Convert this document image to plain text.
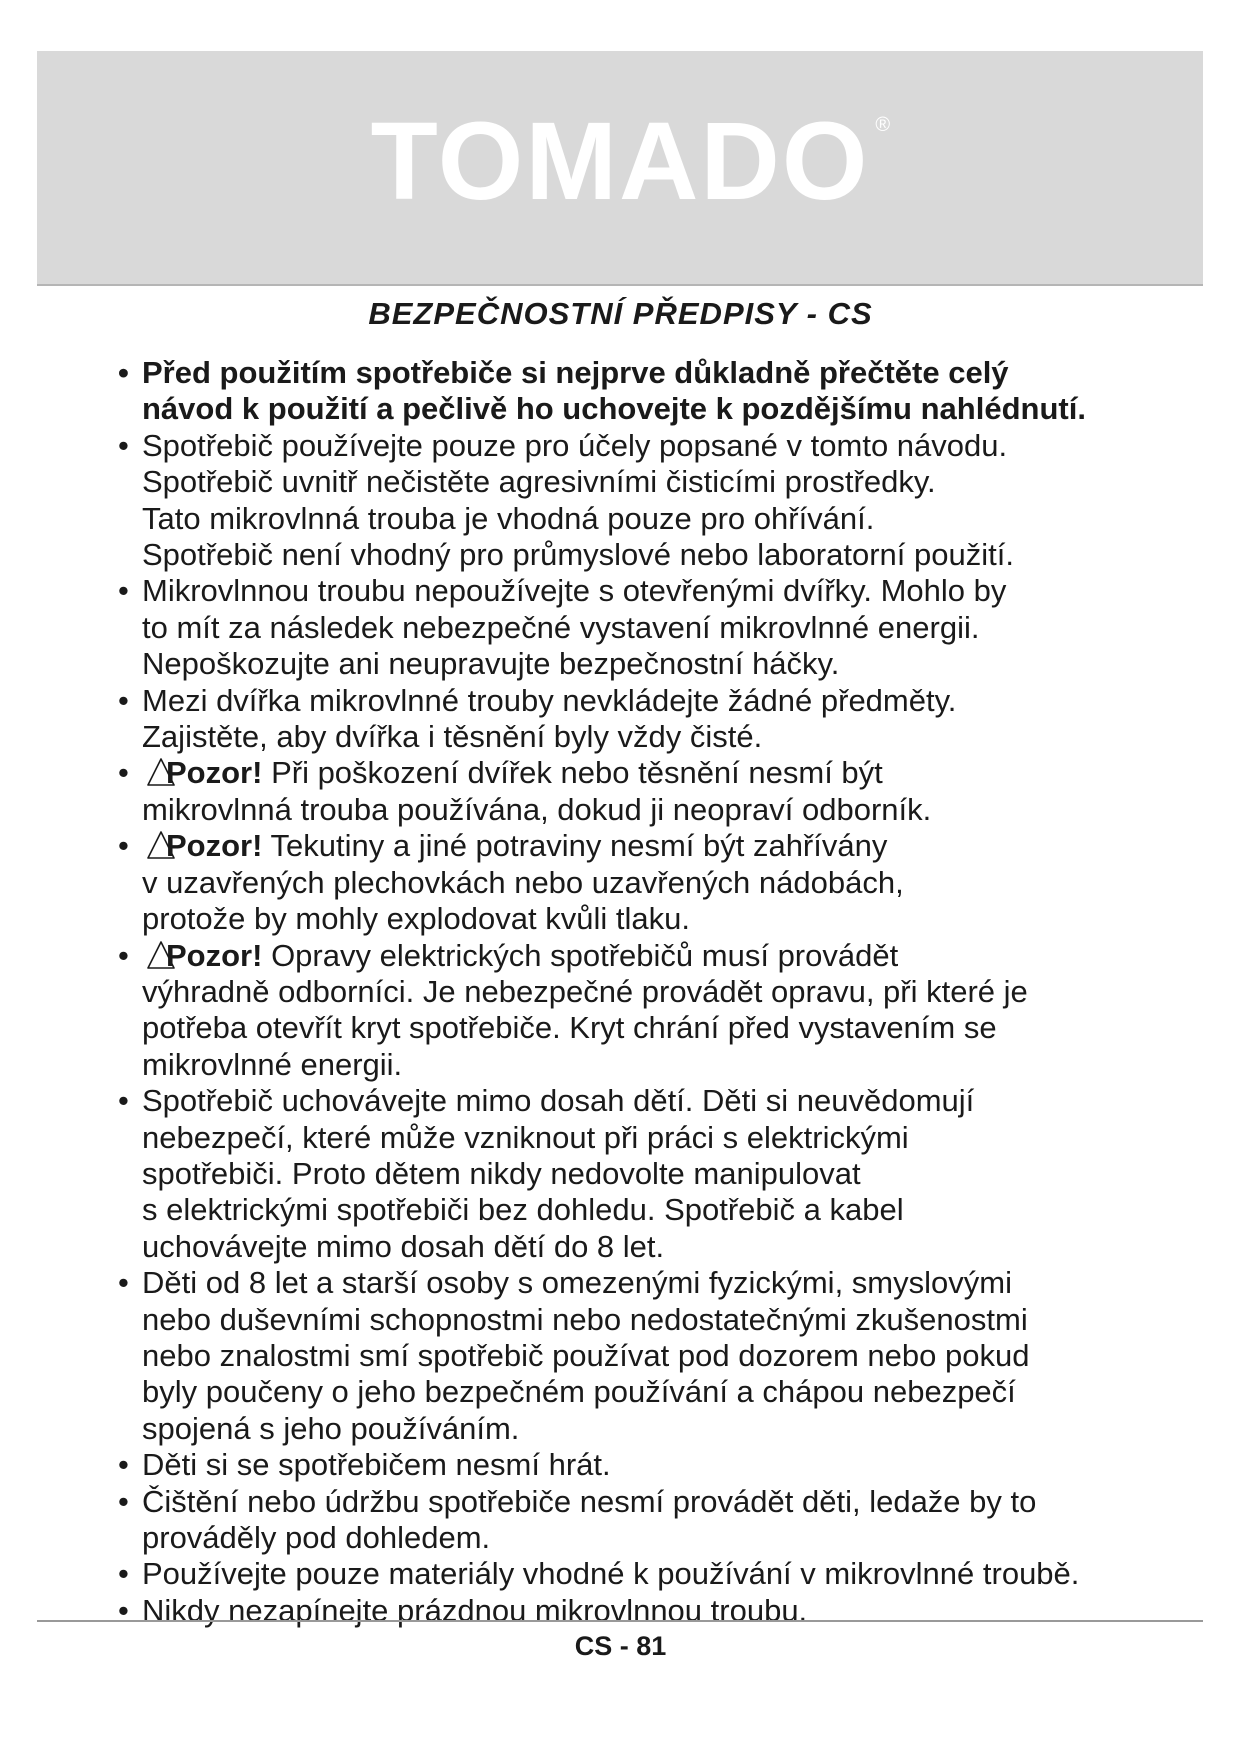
TOMADO ®
BEZPEČNOSTNÍ PŘEDPISY - CS
• Před použitím spotřebiče si nejprve důkladně přečtěte celý
návod k použití a pečlivě ho uchovejte k pozdějšímu nahlédnutí.
• Spotřebič používejte pouze pro účely popsané v tomto návodu.
Spotřebič uvnitř nečistěte agresivními čisticími prostředky.
Tato mikrovlnná trouba je vhodná pouze pro ohřívání.
Spotřebič není vhodný pro průmyslové nebo laboratorní použití.
• Mikrovlnnou troubu nepoužívejte s otevřenými dvířky. Mohlo by
to mít za následek nebezpečné vystavení mikrovlnné energii.
Nepoškozujte ani neupravujte bezpečnostní háčky.
• Mezi dvířka mikrovlnné trouby nevkládejte žádné předměty.
Zajistěte, aby dvířka i těsnění byly vždy čisté.
•	Pozor! Při poškození dvířek nebo těsnění nesmí být
mikrovlnná trouba používána, dokud ji neopraví odborník.
•	Pozor! Tekutiny a jiné potraviny nesmí být zahřívány
v uzavřených plechovkách nebo uzavřených nádobách,
protože by mohly explodovat kvůli tlaku.
•	Pozor! Opravy elektrických spotřebičů musí provádět
výhradně odborníci. Je nebezpečné provádět opravu, při které je
potřeba otevřít kryt spotřebiče. Kryt chrání před vystavením se
mikrovlnné energii.
• Spotřebič uchovávejte mimo dosah dětí. Děti si neuvědomují
nebezpečí, které může vzniknout při práci s elektrickými
spotřebiči. Proto dětem nikdy nedovolte manipulovat
s elektrickými spotřebiči bez dohledu. Spotřebič a kabel
uchovávejte mimo dosah dětí do 8 let.
• Děti od 8 let a starší osoby s omezenými fyzickými, smyslovými
nebo duševními schopnostmi nebo nedostatečnými zkušenostmi
nebo znalostmi smí spotřebič používat pod dozorem nebo pokud
byly poučeny o jeho bezpečném používání a chápou nebezpečí
spojená s jeho používáním.
• Děti si se spotřebičem nesmí hrát.
• Čištění nebo údržbu spotřebiče nesmí provádět děti, ledaže by to
prováděly pod dohledem.
• Používejte pouze materiály vhodné k používání v mikrovlnné troubě.
• Nikdy nezapínejte prázdnou mikrovlnnou troubu.
CS - 81
